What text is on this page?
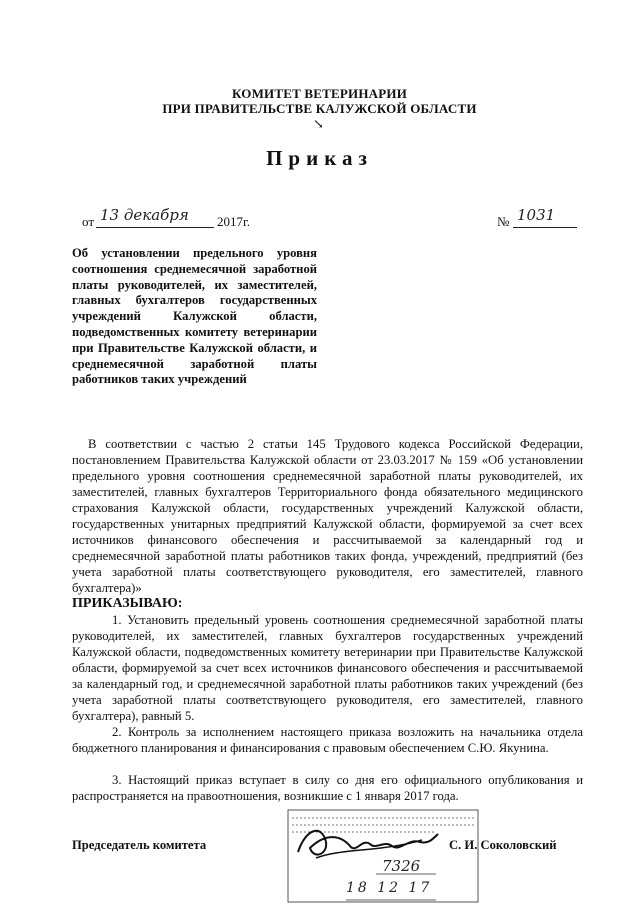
КОМИТЕТ ВЕТЕРИНАРИИ
ПРИ ПРАВИТЕЛЬСТВЕ КАЛУЖСКОЙ ОБЛАСТИ
↘
Приказ
от 13 декабря 2017г.	№ 1031
Об установлении предельного уровня соотношения среднемесячной заработной платы руководителей, их заместителей, главных бухгалтеров государственных учреждений Калужской области, подведомственных комитету ветеринарии при Правительстве Калужской области, и среднемесячной заработной платы работников таких учреждений
В соответствии с частью 2 статьи 145 Трудового кодекса Российской Федерации, постановлением Правительства Калужской области от 23.03.2017 № 159 «Об установлении предельного уровня соотношения среднемесячной заработной платы руководителей, их заместителей, главных бухгалтеров Территориального фонда обязательного медицинского страхования Калужской области, государственных учреждений Калужской области, государственных унитарных предприятий Калужской области, формируемой за счет всех источников финансового обеспечения и рассчитываемой за календарный год и среднемесячной заработной платы работников таких фонда, учреждений, предприятий (без учета заработной платы соответствующего руководителя, его заместителей, главного бухгалтера)»
ПРИКАЗЫВАЮ:
1. Установить предельный уровень соотношения среднемесячной заработной платы руководителей, их заместителей, главных бухгалтеров государственных учреждений Калужской области, подведомственных комитету ветеринарии при Правительстве Калужской области, формируемой за счет всех источников финансового обеспечения и рассчитываемой за календарный год, и среднемесячной заработной платы работников таких учреждений (без учета заработной платы соответствующего руководителя, его заместителей, главного бухгалтера), равный 5.
2. Контроль за исполнением настоящего приказа возложить на начальника отдела бюджетного планирования и финансирования с правовым обеспечением С.Ю. Якунина.
3. Настоящий приказ вступает в силу со дня его официального опубликования и распространяется на правоотношения, возникшие с 1 января 2017 года.
Председатель комитета	С. И. Соколовский
7326
18 12 17
